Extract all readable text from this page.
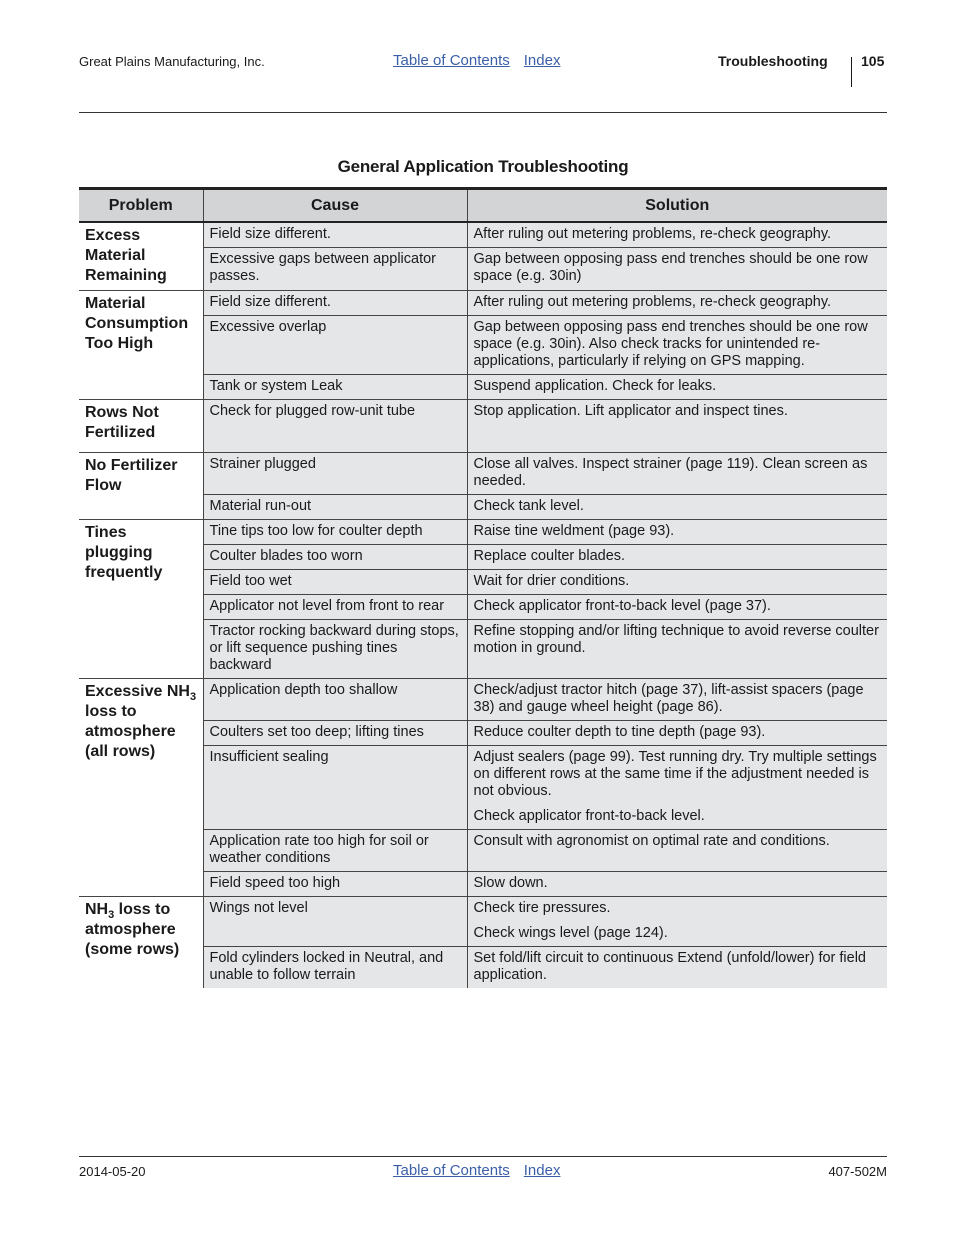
Great Plains Manufacturing, Inc.	Table of Contents Index	Troubleshooting 105
General Application Troubleshooting
Problem	Cause	Solution
Excess Material Remaining	Field size different.	After ruling out metering problems, re-check geography.
	Excessive gaps between applicator passes.	Gap between opposing pass end trenches should be one row space (e.g. 30in)
Material Consumption Too High	Field size different.	After ruling out metering problems, re-check geography.
	Excessive overlap	Gap between opposing pass end trenches should be one row space (e.g. 30in). Also check tracks for unintended re-applications, particularly if relying on GPS mapping.
	Tank or system Leak	Suspend application. Check for leaks.
Rows Not Fertilized	Check for plugged row-unit tube	Stop application. Lift applicator and inspect tines.
No Fertilizer Flow	Strainer plugged	Close all valves. Inspect strainer (page 119). Clean screen as needed.
	Material run-out	Check tank level.
Tines plugging frequently	Tine tips too low for coulter depth	Raise tine weldment (page 93).
	Coulter blades too worn	Replace coulter blades.
	Field too wet	Wait for drier conditions.
	Applicator not level from front to rear	Check applicator front-to-back level (page 37).
	Tractor rocking backward during stops, or lift sequence pushing tines backward	Refine stopping and/or lifting technique to avoid reverse coulter motion in ground.
Excessive $NH_3$ loss to atmosphere (all rows)	Application depth too shallow	Check/adjust tractor hitch (page 37), lift-assist spacers (page 38) and gauge wheel height (page 86).
	Coulters set too deep; lifting tines	Reduce coulter depth to tine depth (page 93).
	Insufficient sealing	Adjust sealers (page 99). Test running dry. Try multiple settings on different rows at the same time if the adjustment needed is not obvious.
Check applicator front-to-back level.

	Application rate too high for soil or weather conditions	Consult with agronomist on optimal rate and conditions.
	Field speed too high	Slow down.
$NH_3$ loss to atmosphere (some rows)	Wings not level	Check tire pressures.
Check wings level (page 124).

	Fold cylinders locked in Neutral, and unable to follow terrain	Set fold/lift circuit to continuous Extend (unfold/lower) for field application.
2014-05-20	Table of Contents Index	407-502M
